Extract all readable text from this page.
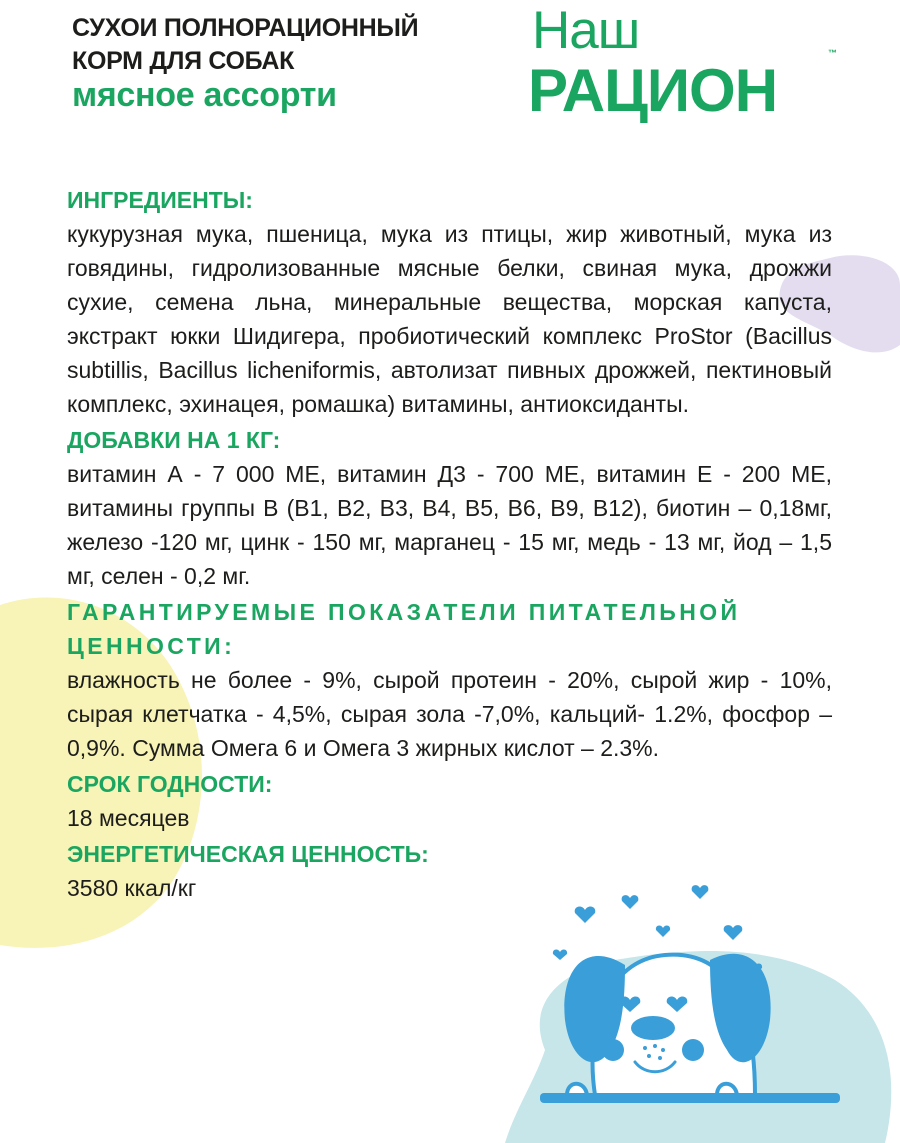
СУХОИ ПОЛНОРАЦИОННЫЙ

КОРМ ДЛЯ СОБАК

мясное ассорти

Наш
РАЦИОН
™

ИНГРЕДИЕНТЫ:

кукурузная мука, пшеница, мука из птицы, жир животный, мука из говядины, гидролизованные мясные белки, свиная мука, дрожжи сухие, семена льна, минеральные вещества, морская капуста, экстракт юкки Шидигера, пробиотический комплекс ProStor (Bacillus subtillis, Bacillus licheniformis, автолизат пивных дрожжей, пектиновый комплекс, эхинацея, ромашка) витамины, антиоксиданты.

ДОБАВКИ НА 1 КГ:

витамин А - 7 000 МЕ, витамин Д3 - 700 МЕ, витамин Е - 200 МЕ, витамины группы В (В1, В2, В3, В4, В5, В6, В9, В12), биотин – 0,18мг, железо -120 мг, цинк - 150 мг, марганец - 15 мг, медь - 13 мг, йод – 1,5 мг, селен - 0,2 мг.

ГАРАНТИРУЕМЫЕ ПОКАЗАТЕЛИ ПИТАТЕЛЬНОЙ ЦЕННОСТИ:

влажность не более - 9%, сырой протеин - 20%, сырой жир - 10%, сырая клетчатка - 4,5%, сырая зола -7,0%, кальций- 1.2%, фосфор – 0,9%. Сумма Омега 6 и Омега 3 жирных кислот – 2.3%.

СРОК ГОДНОСТИ:

18 месяцев

ЭНЕРГЕТИЧЕСКАЯ ЦЕННОСТЬ:

3580 ккал/кг
